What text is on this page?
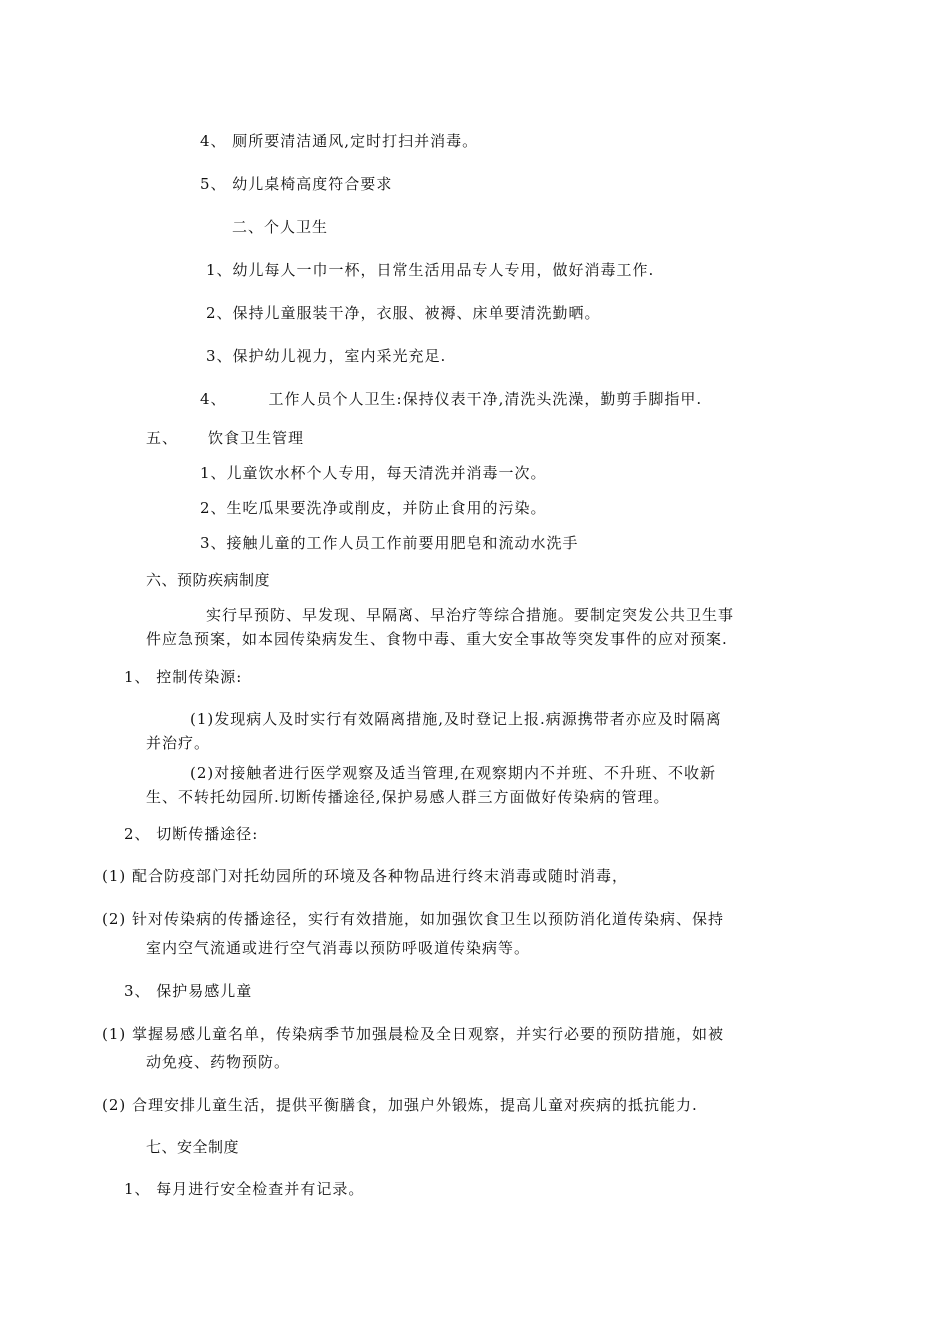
4、 厕所要清洁通风,定时打扫并消毒。
5、 幼儿桌椅高度符合要求
二、个人卫生
1、幼儿每人一巾一杯，日常生活用品专人专用，做好消毒工作.
2、保持儿童服装干净，衣服、被褥、床单要清洗勤晒。
3、保护幼儿视力，室内采光充足.
4、	工作人员个人卫生:保持仪表干净,清洗头洗澡，勤剪手脚指甲.
五、 饮食卫生管理
1、儿童饮水杯个人专用，每天清洗并消毒一次。
2、生吃瓜果要洗净或削皮，并防止食用的污染。
3、接触儿童的工作人员工作前要用肥皂和流动水洗手
六、预防疾病制度
实行早预防、早发现、早隔离、早治疗等综合措施。要制定突发公共卫生事
件应急预案，如本园传染病发生、食物中毒、重大安全事故等突发事件的应对预案.
1、 控制传染源:
(1)发现病人及时实行有效隔离措施,及时登记上报.病源携带者亦应及时隔离
并治疗。
(2)对接触者进行医学观察及适当管理,在观察期内不并班、不升班、不收新
生、不转托幼园所.切断传播途径,保护易感人群三方面做好传染病的管理。
2、 切断传播途径:
(1) 配合防疫部门对托幼园所的环境及各种物品进行终末消毒或随时消毒，
(2) 针对传染病的传播途径，实行有效措施，如加强饮食卫生以预防消化道传染病、保持
室内空气流通或进行空气消毒以预防呼吸道传染病等。
3、 保护易感儿童
(1) 掌握易感儿童名单，传染病季节加强晨检及全日观察，并实行必要的预防措施，如被
动免疫、药物预防。
(2) 合理安排儿童生活，提供平衡膳食，加强户外锻炼，提高儿童对疾病的抵抗能力.
七、安全制度
1、 每月进行安全检查并有记录。
